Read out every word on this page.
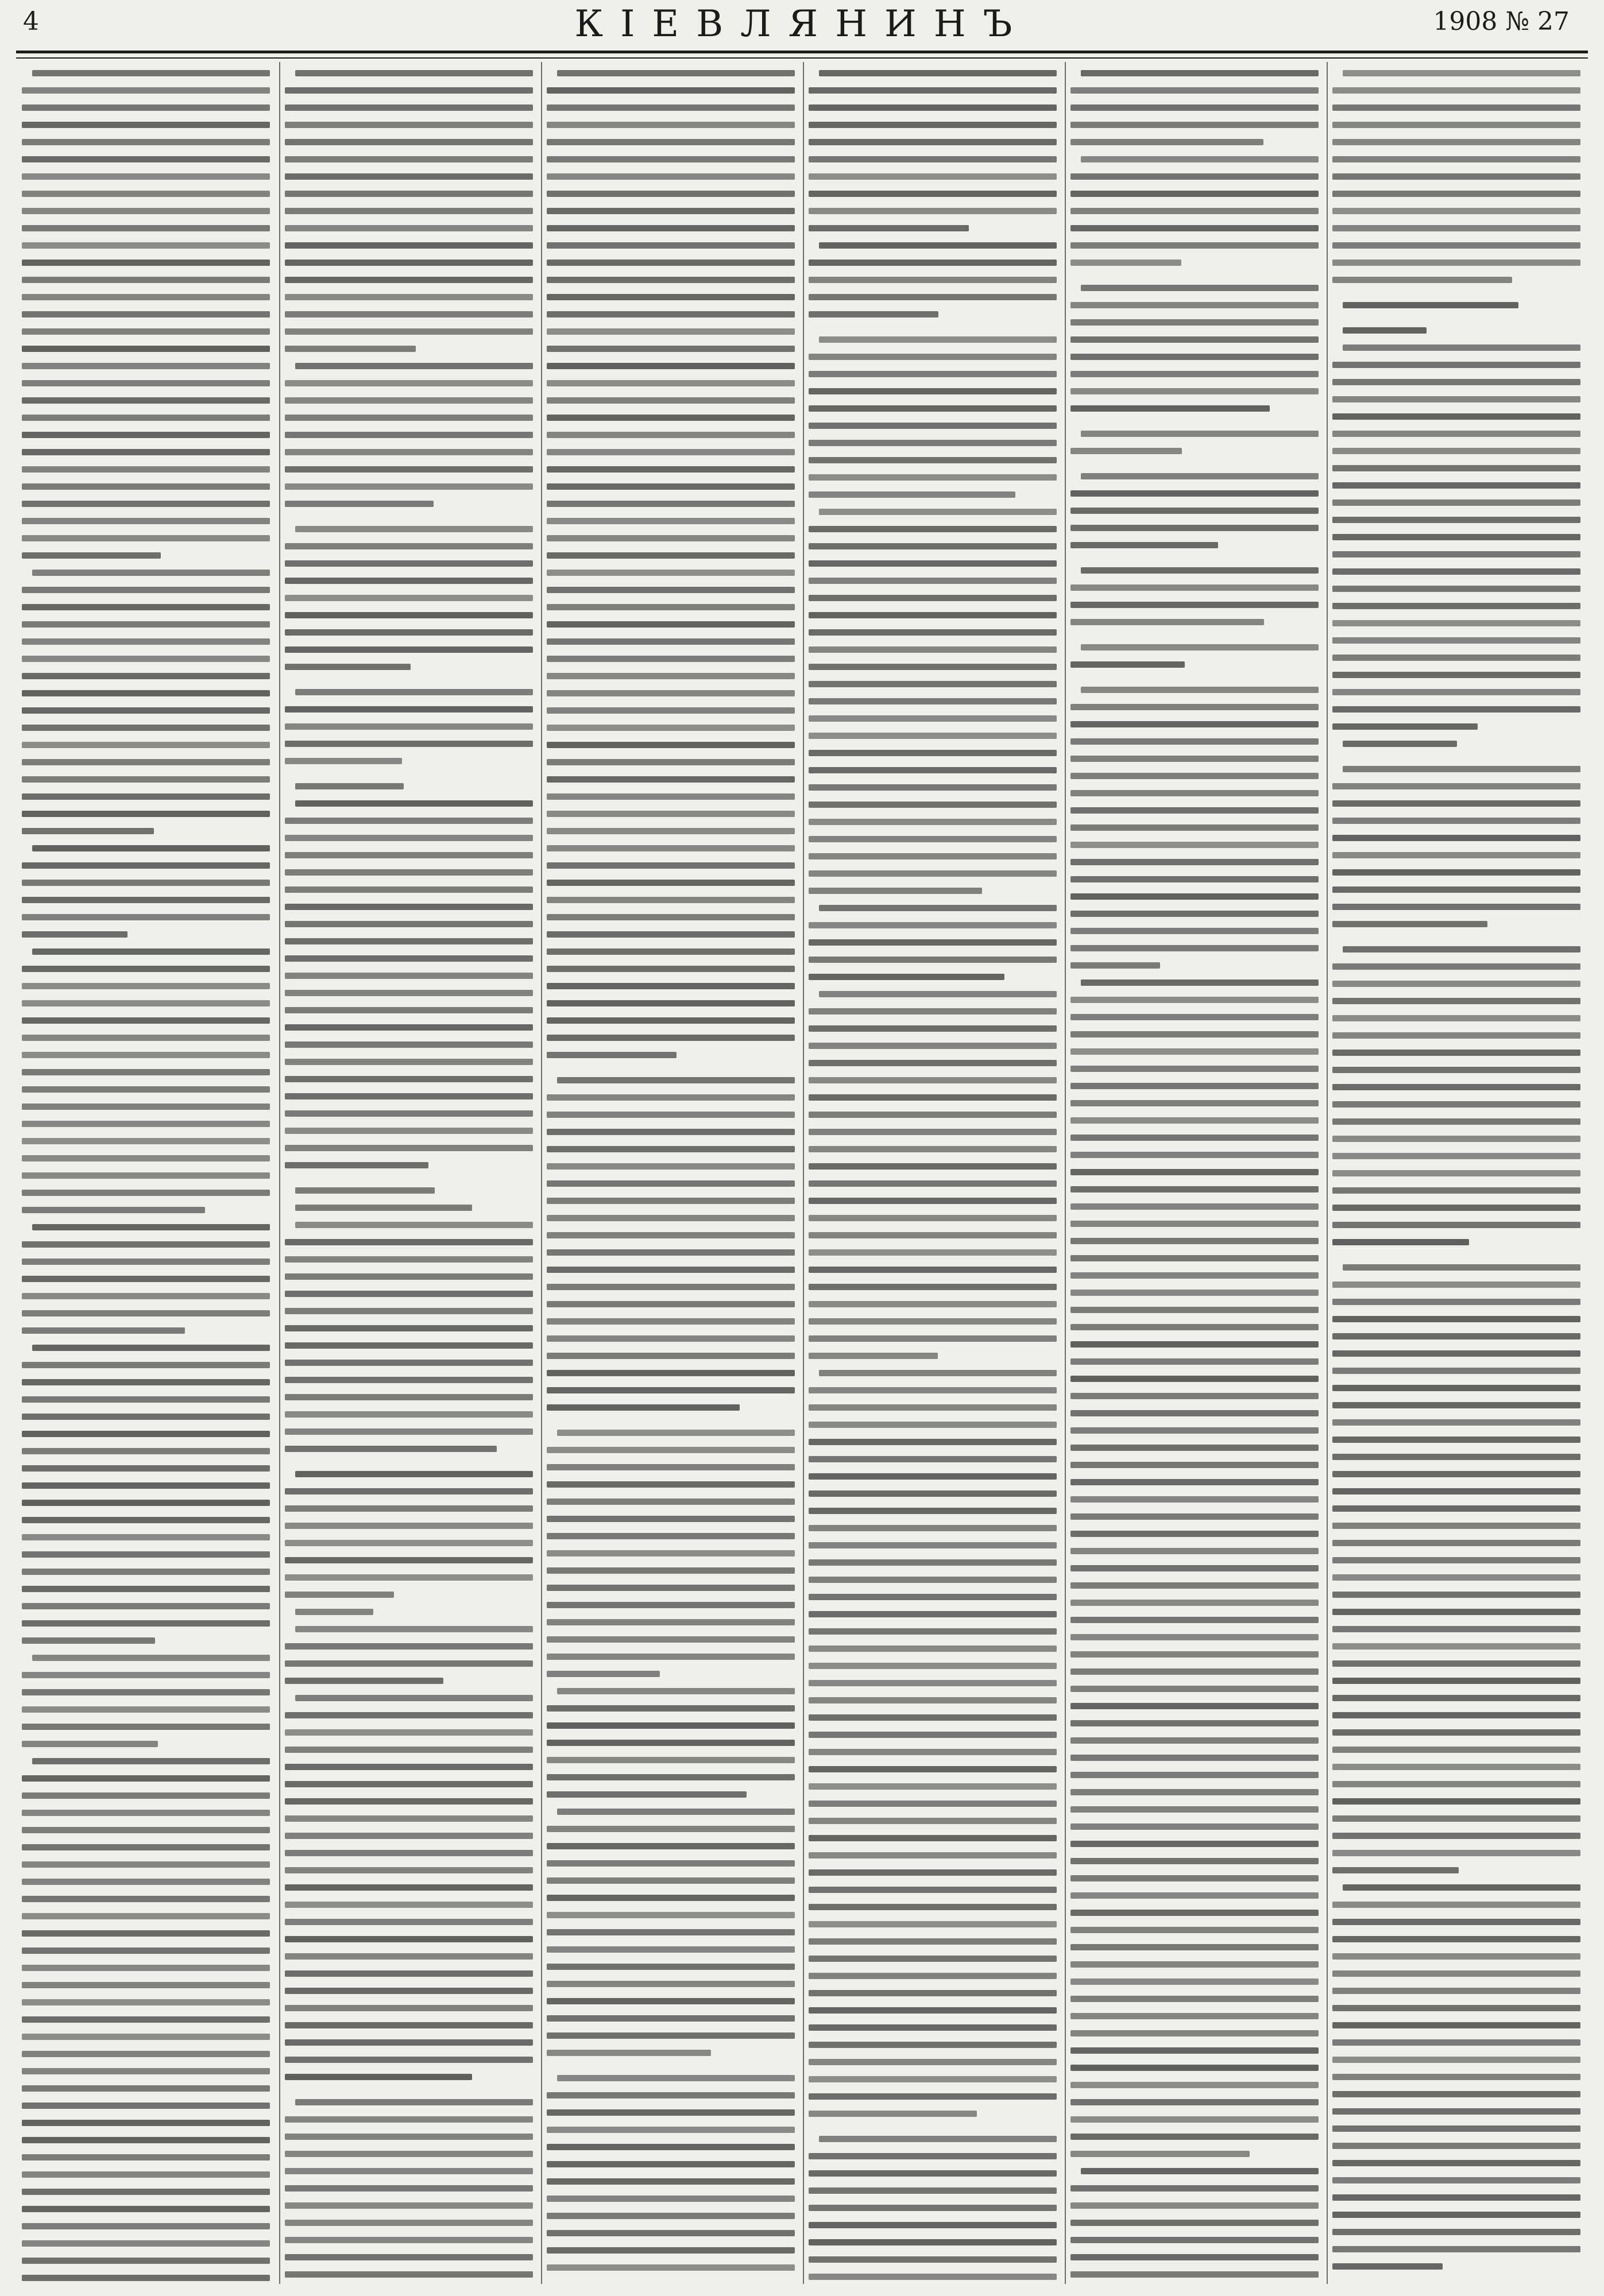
4	КІЕВЛЯНИНЪ	1908 № 27
